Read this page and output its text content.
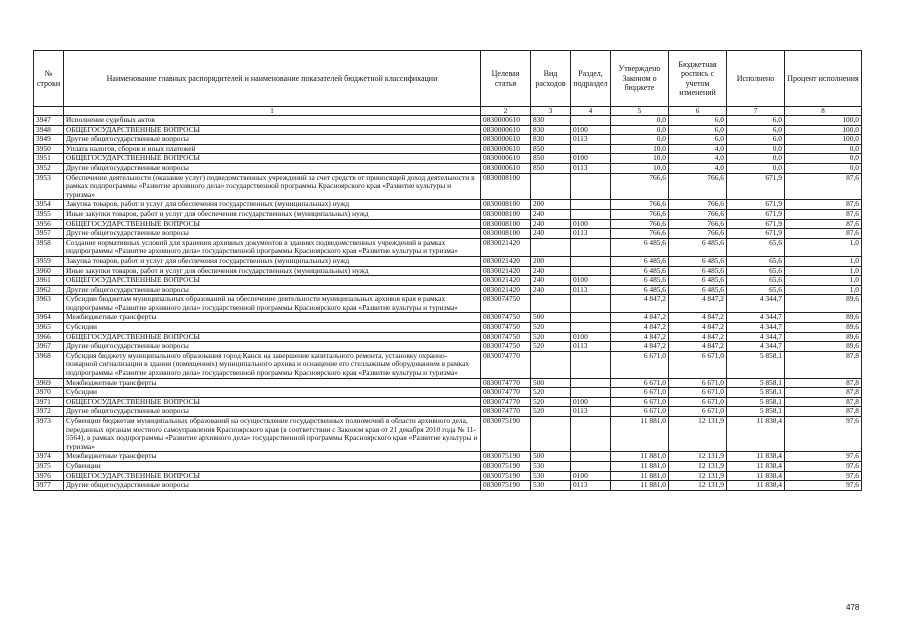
№ строки	Наименование главных распорядителей и наименование показателей бюджетной классификации	Целевая статья	Вид расходов	Раздел, подраздел	Утверждено Законом о бюджете	Бюджетная роспись с учетом изменений	Исполнено	Процент исполнения
	1	2	3	4	5	6	7	8
3947	Исполнение судебных актов	0830000610	830		0,0	6,0	6,0	100,0
3948	ОБЩЕГОСУДАРСТВЕННЫЕ ВОПРОСЫ	0830000610	830	0100	0,0	6,0	6,0	100,0
3949	Другие общегосударственные вопросы	0830000610	830	0113	0,0	6,0	6,0	100,0
3950	Уплата налогов, сборов и иных платежей	0830000610	850		10,0	4,0	0,0	0,0
3951	ОБЩЕГОСУДАРСТВЕННЫЕ ВОПРОСЫ	0830000610	850	0100	10,0	4,0	0,0	0,0
3952	Другие общегосударственные вопросы	0830000610	850	0113	10,0	4,0	0,0	0,0
3953	Обеспечение деятельности (оказание услуг) подведомственных учреждений за счет средств от приносящей доход деятельности в рамках подпрограммы «Развитие архивного дела» государственной программы Красноярского края «Развитие культуры и туризма»	0830008100			766,6	766,6	671,9	87,6
3954	Закупка товаров, работ и услуг для обеспечения государственных (муниципальных) нужд	0830008100	200		766,6	766,6	671,9	87,6
3955	Иные закупки товаров, работ и услуг для обеспечения государственных (муниципальных) нужд	0830008100	240		766,6	766,6	671,9	87,6
3956	ОБЩЕГОСУДАРСТВЕННЫЕ ВОПРОСЫ	0830008100	240	0100	766,6	766,6	671,9	87,6
3957	Другие общегосударственные вопросы	0830008100	240	0113	766,6	766,6	671,9	87,6
3958	Создание нормативных условий для хранения архивных документов в зданиях подведомственных учреждений в рамках подпрограммы «Развитие архивного дела» государственной программы Красноярского края «Развитие культуры и туризма»	0830021420			6 485,6	6 485,6	65,6	1,0
3959	Закупка товаров, работ и услуг для обеспечения государственных (муниципальных) нужд	0830021420	200		6 485,6	6 485,6	65,6	1,0
3960	Иные закупки товаров, работ и услуг для обеспечения государственных (муниципальных) нужд	0830021420	240		6 485,6	6 485,6	65,6	1,0
3961	ОБЩЕГОСУДАРСТВЕННЫЕ ВОПРОСЫ	0830021420	240	0100	6 485,6	6 485,6	65,6	1,0
3962	Другие общегосударственные вопросы	0830021420	240	0113	6 485,6	6 485,6	65,6	1,0
3963	Субсидии бюджетам муниципальных образований на обеспечение деятельности муниципальных архивов края в рамках подпрограммы «Развитие архивного дела» государственной программы Красноярского края «Развитие культуры и туризма»	0830074750			4 847,2	4 847,2	4 344,7	89,6
3964	Межбюджетные трансферты	0830074750	500		4 847,2	4 847,2	4 344,7	89,6
3965	Субсидии	0830074750	520		4 847,2	4 847,2	4 344,7	89,6
3966	ОБЩЕГОСУДАРСТВЕННЫЕ ВОПРОСЫ	0830074750	520	0100	4 847,2	4 847,2	4 344,7	89,6
3967	Другие общегосударственные вопросы	0830074750	520	0113	4 847,2	4 847,2	4 344,7	89,6
3968	Субсидия бюджету муниципального образования город Канск на завершение капитального ремонта, установку охранно-пожарной сигнализации в здании (помещениях) муниципального архива и оснащение его стеллажным оборудованием в рамках подпрограммы «Развитие архивного дела» государственной программы Красноярского края «Развитие культуры и туризма»	0830074770			6 671,0	6 671,0	5 858,1	87,8
3969	Межбюджетные трансферты	0830074770	500		6 671,0	6 671,0	5 858,1	87,8
3970	Субсидии	0830074770	520		6 671,0	6 671,0	5 858,1	87,8
3971	ОБЩЕГОСУДАРСТВЕННЫЕ ВОПРОСЫ	0830074770	520	0100	6 671,0	6 671,0	5 858,1	87,8
3972	Другие общегосударственные вопросы	0830074770	520	0113	6 671,0	6 671,0	5 858,1	87,8
3973	Субвенции бюджетам муниципальных образований на осуществление государственных полномочий в области архивного дела, переданных органам местного самоуправления Красноярского края (в соответствии с Законом края от 21 декабря 2010 года № 11-5564), в рамках подпрограммы «Развитие архивного дела» государственной программы Красноярского края «Развитие культуры и туризма»	0830075190			11 881,0	12 131,9	11 838,4	97,6
3974	Межбюджетные трансферты	0830075190	500		11 881,0	12 131,9	11 838,4	97,6
3975	Субвенции	0830075190	530		11 881,0	12 131,9	11 838,4	97,6
3976	ОБЩЕГОСУДАРСТВЕННЫЕ ВОПРОСЫ	0830075190	530	0100	11 881,0	12 131,9	11 838,4	97,6
3977	Другие общегосударственные вопросы	0830075190	530	0113	11 881,0	12 131,9	11 838,4	97,6
478
